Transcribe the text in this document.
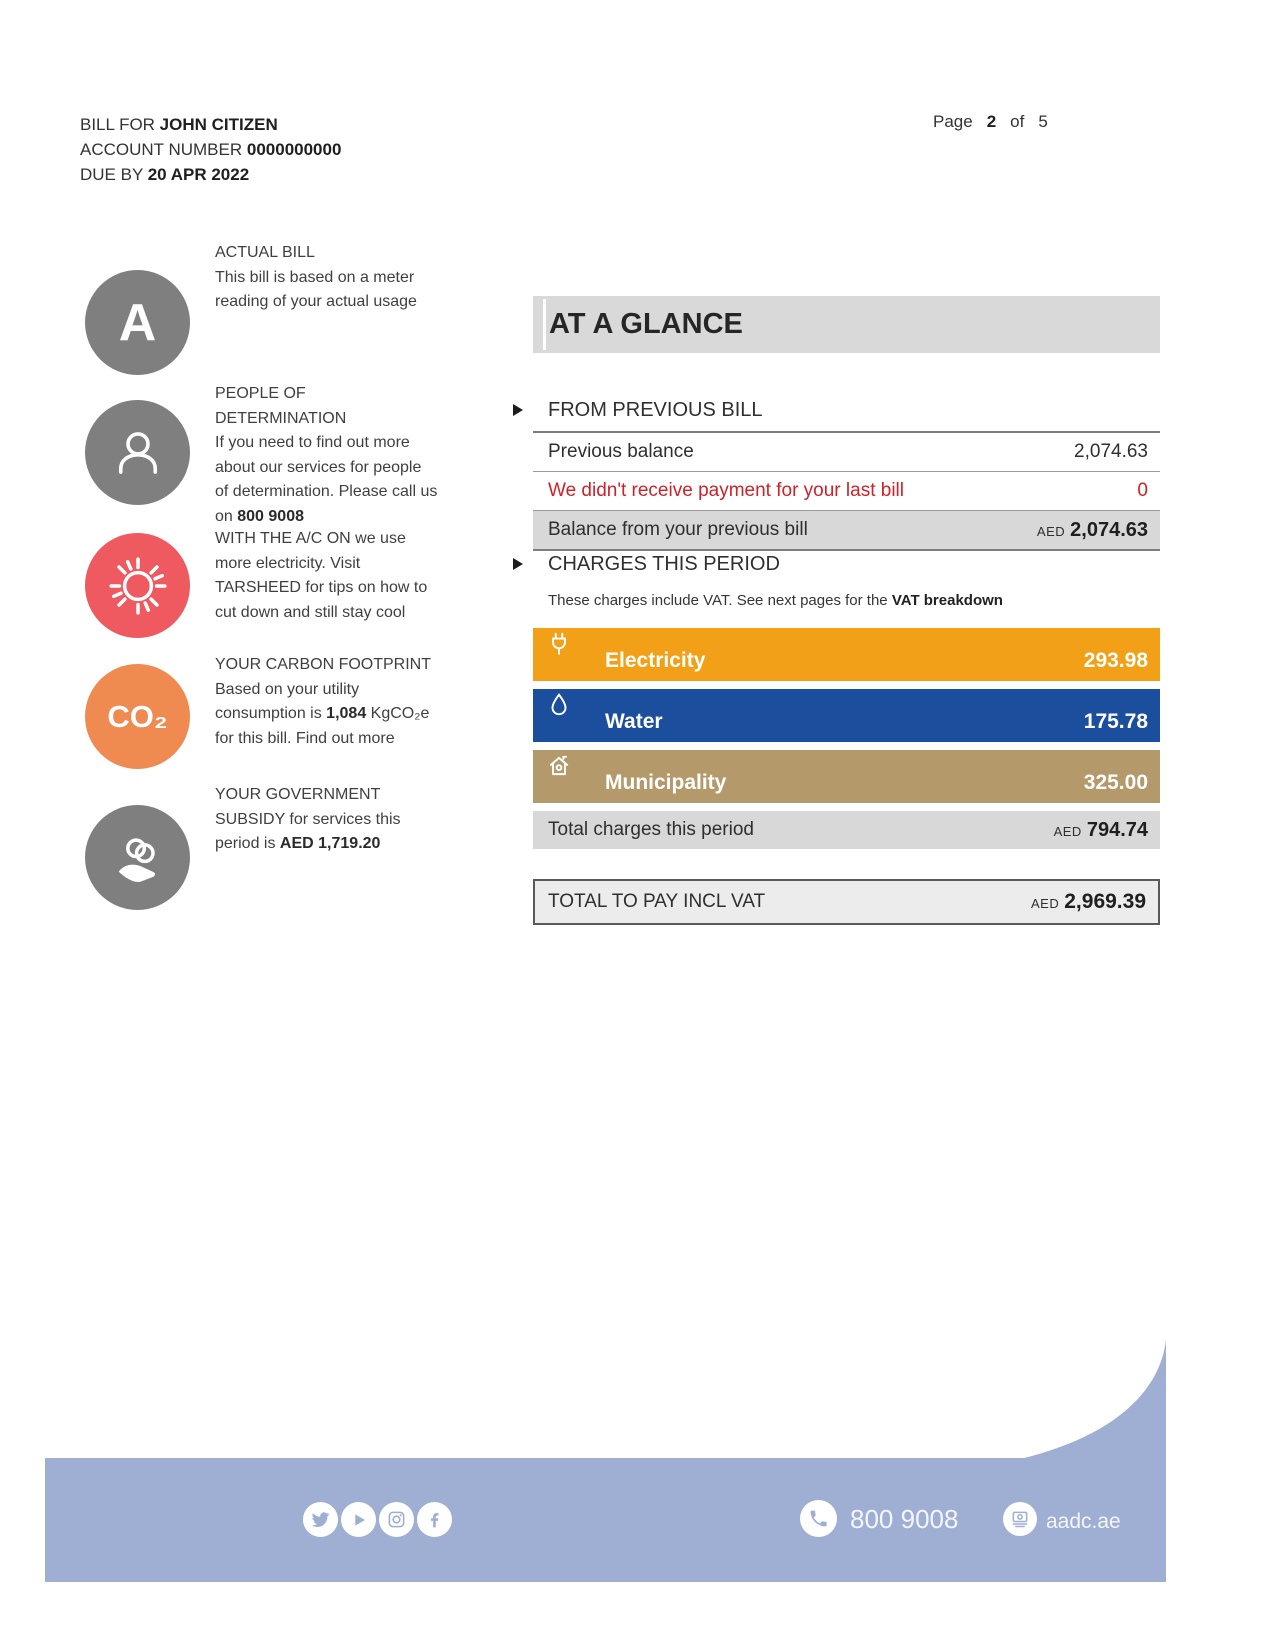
BILL FOR JOHN CITIZEN
ACCOUNT NUMBER 0000000000
DUE BY 20 APR 2022
Page 2 of 5
A
CO₂
ACTUAL BILL
This bill is based on a meter reading of your actual usage
PEOPLE OF DETERMINATION
If you need to find out more about our services for people of determination. Please call us on 800 9008
WITH THE A/C ON we use more electricity. Visit TARSHEED for tips on how to cut down and still stay cool
YOUR CARBON FOOTPRINT
Based on your utility consumption is 1,084 KgCO₂e for this bill. Find out more
YOUR GOVERNMENT SUBSIDY for services this period is AED 1,719.20
AT A GLANCE
FROM PREVIOUS BILL
Previous balance	2,074.63
We didn't receive payment for your last bill	0
Balance from your previous bill	AED 2,074.63
CHARGES THIS PERIOD
These charges include VAT. See next pages for the VAT breakdown
Electricity	293.98
Water	175.78
Municipality	325.00
Total charges this period	AED 794.74
TOTAL TO PAY INCL VAT	AED 2,969.39
800 9008	aadc.ae
